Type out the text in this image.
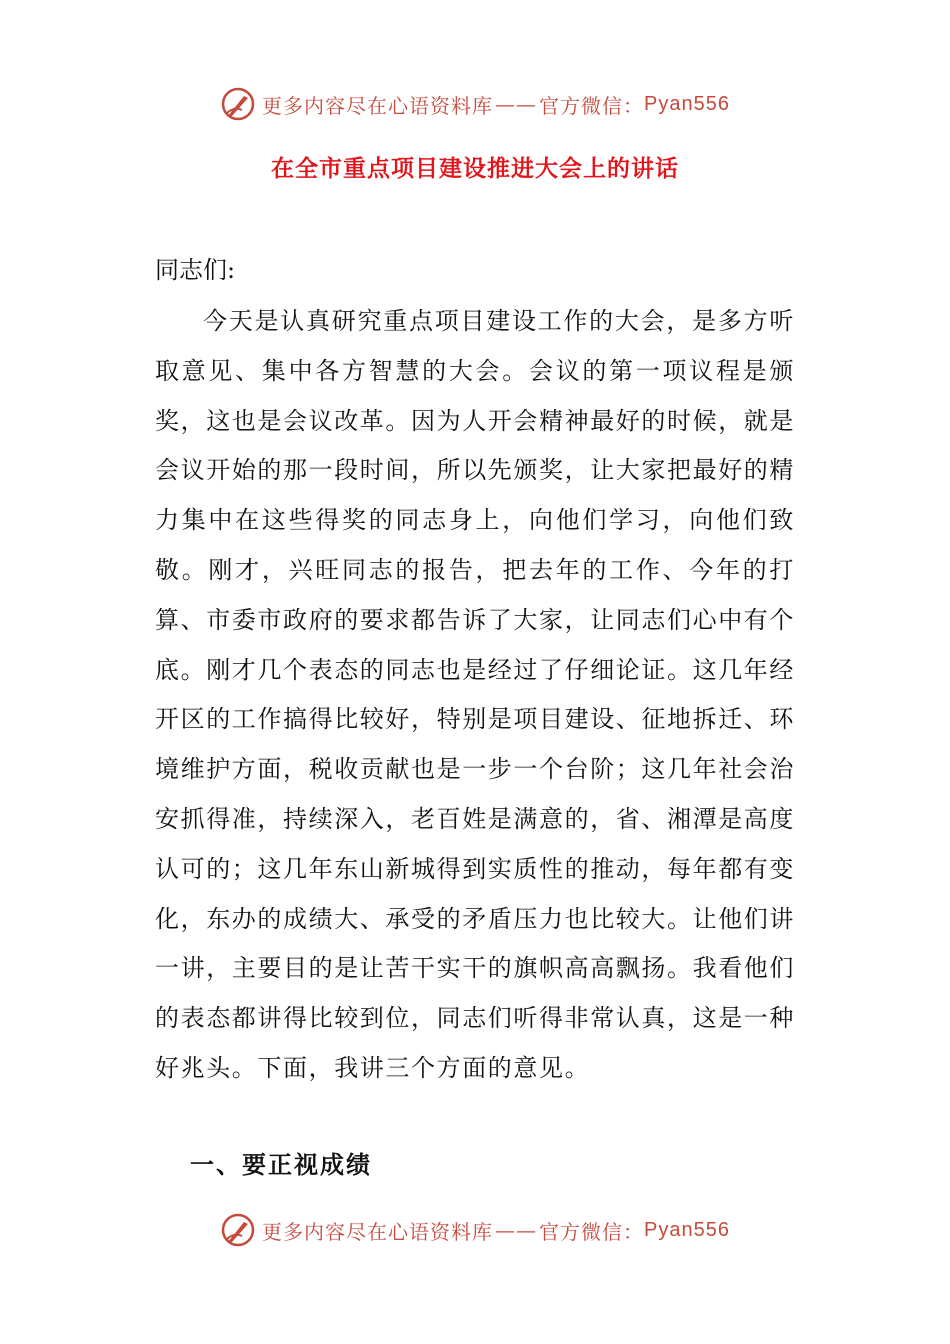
更多内容尽在心语资料库 —— 官方微信： Pyan556
在全市重点项目建设推进大会上的讲话
同志们:

今天是认真研究重点项目建设工作的大会，是多方听取意见、集中各方智慧的大会。会议的第一项议程是颁奖，这也是会议改革。因为人开会精神最好的时候，就是会议开始的那一段时间，所以先颁奖，让大家把最好的精力集中在这些得奖的同志身上，向他们学习，向他们致敬。刚才，兴旺同志的报告，把去年的工作、今年的打算、市委市政府的要求都告诉了大家，让同志们心中有个底。刚才几个表态的同志也是经过了仔细论证。这几年经开区的工作搞得比较好，特别是项目建设、征地拆迁、环境维护方面，税收贡献也是一步一个台阶；这几年社会治安抓得准，持续深入，老百姓是满意的，省、湘潭是高度认可的；这几年东山新城得到实质性的推动，每年都有变化，东办的成绩大、承受的矛盾压力也比较大。让他们讲一讲，主要目的是让苦干实干的旗帜高高飘扬。我看他们的表态都讲得比较到位，同志们听得非常认真，这是一种好兆头。下面，我讲三个方面的意见。

一、要正视成绩
更多内容尽在心语资料库 —— 官方微信： Pyan556
